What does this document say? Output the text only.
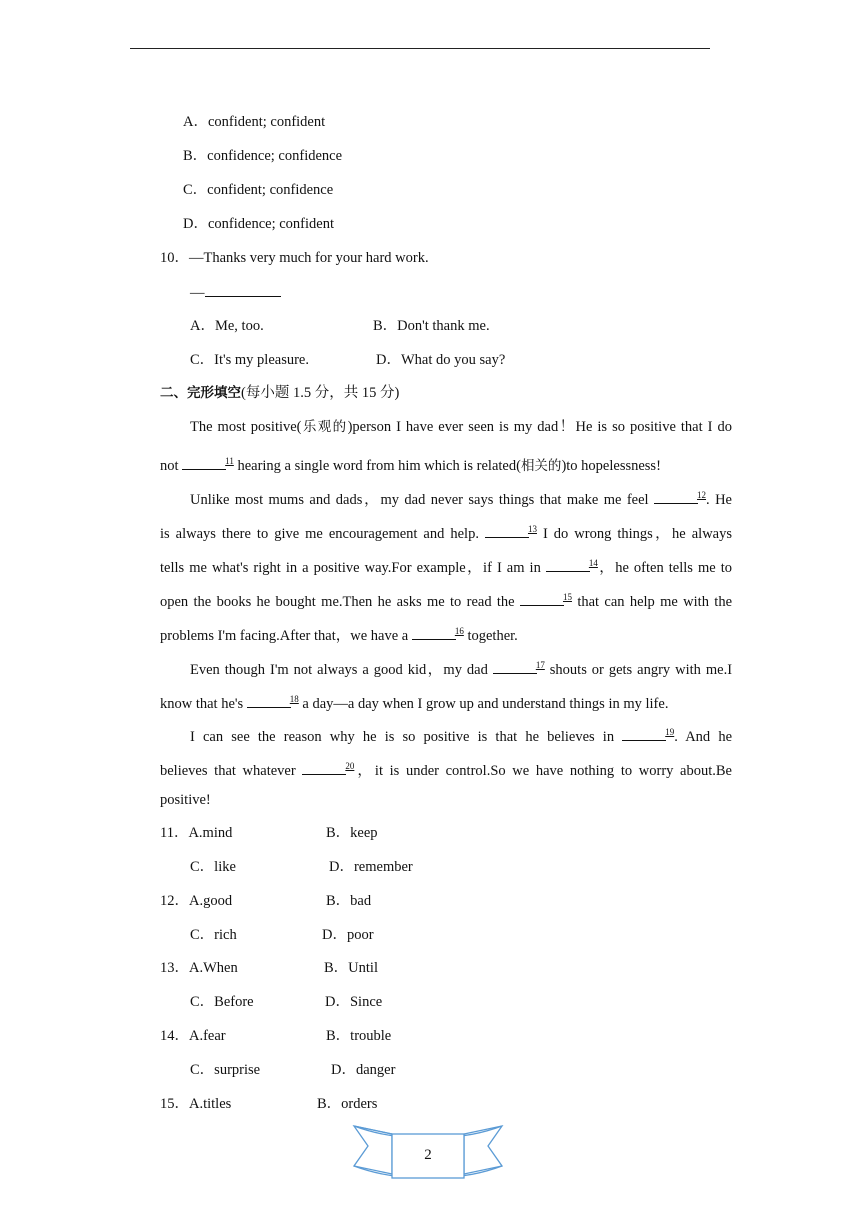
A．confident; confident
B．confidence; confidence
C．confident; confidence
D．confidence; confident
10．—Thanks very much for your hard work.
—
A．Me, too.	B．Don't thank me.
C．It's my pleasure.	D．What do you say?
二、完形填空(每小题 1.5 分，共 15 分)
The most positive(乐观的)person I have ever seen is my dad！He is so positive that I do
not	$^{11}$ hearing a single word from him which is related(相关的)to hopelessness!
Unlike most mums and dads，my dad never says things that make me feel	$^{12}$. He
is always there to give me encouragement and help.	$^{13}$ I do wrong things，he always
tells me what's right in a positive way.For example，if I am in	$^{14}$，he often tells me to
open the books he bought me.Then he asks me to read the	$^{15}$ that can help me with the
problems I'm facing.After that，we have a	$^{16}$ together.
Even though I'm not always a good kid，my dad	$^{17}$ shouts or gets angry with me.I
know that he's	$^{18}$ a day—a day when I grow up and understand things in my life.
I can see the reason why he is so positive is that he believes in	$^{19}$. And he
believes that whatever	$^{20}$，it is under control.So we have nothing to worry about.Be
positive!
11．A.mind	B．keep
C．like	D．remember
12．A.good	B．bad
C．rich	D．poor
13．A.When	B．Until
C．Before	D．Since
14．A.fear	B．trouble
C．surprise	D．danger
15．A.titles	B．orders
2
